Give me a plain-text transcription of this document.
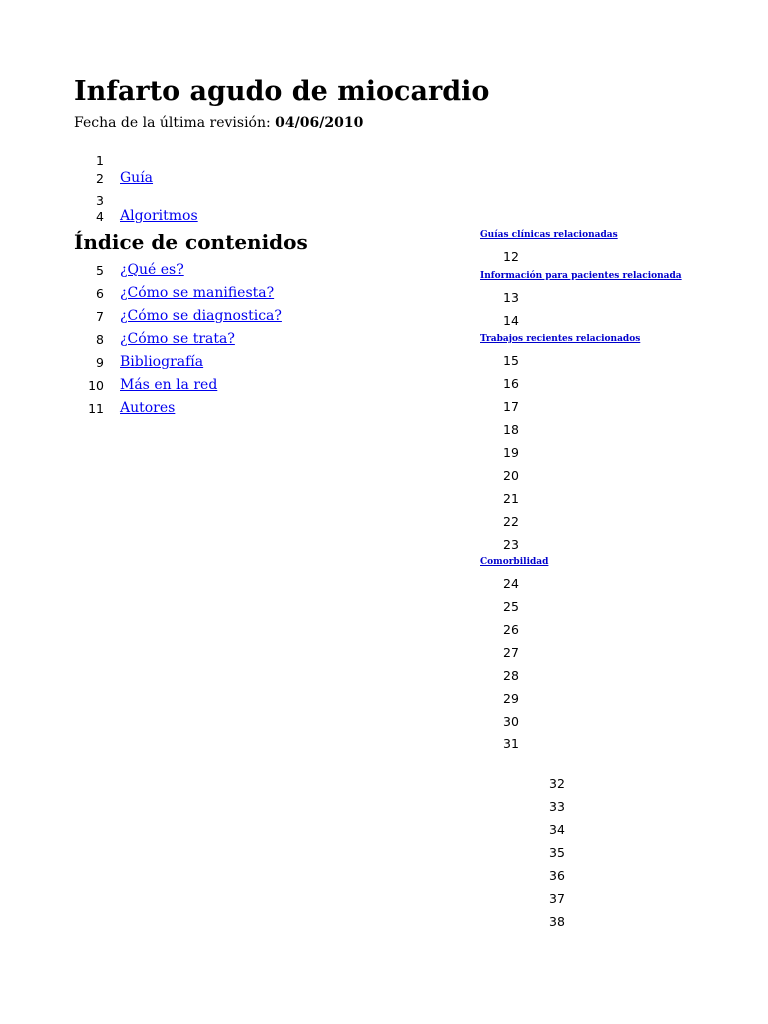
Infarto agudo de miocardio
Fecha de la última revisión: 04/06/2010
1
2 Guía
3
4 Algoritmos
Índice de contenidos
5 ¿Qué es?
6 ¿Cómo se manifiesta?
7 ¿Cómo se diagnostica?
8 ¿Cómo se trata?
9 Bibliografía
10 Más en la red
11 Autores
Guías clínicas relacionadas
12
Información para pacientes relacionada
13
14
Trabajos recientes relacionados
15
16
17
18
19
20
21
22
23
Comorbilidad
24
25
26
27
28
29
30
31
32
33
34
35
36
37
38
